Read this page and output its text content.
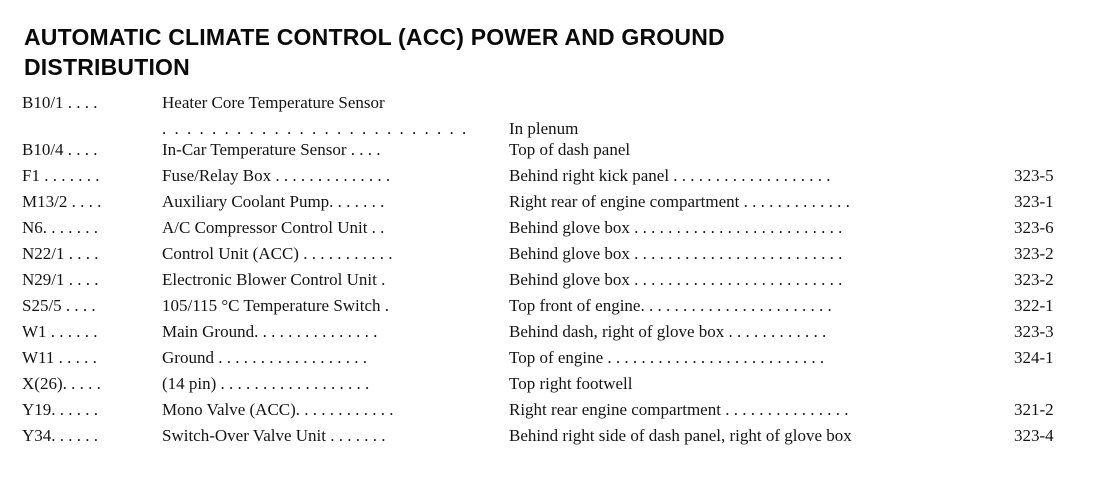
AUTOMATIC CLIMATE CONTROL (ACC) POWER AND GROUND
DISTRIBUTION
B10/1 . . . .	Heater Core Temperature Sensor
. . . . . . . . . . . . . . . . . . . . . . . . .	In plenum
B10/4 . . . .	In-Car Temperature Sensor . . . .	Top of dash panel
F1 . . . . . . .	Fuse/Relay Box . . . . . . . . . . . . . .	Behind right kick panel . . . . . . . . . . . . . . . . . . .	323-5
M13/2 . . . .	Auxiliary Coolant Pump. . . . . . .	Right rear of engine compartment . . . . . . . . . . . . .	323-1
N6. . . . . . .	A/C Compressor Control Unit . .	Behind glove box . . . . . . . . . . . . . . . . . . . . . . . . .	323-6
N22/1 . . . .	Control Unit (ACC) . . . . . . . . . . .	Behind glove box . . . . . . . . . . . . . . . . . . . . . . . . .	323-2
N29/1 . . . .	Electronic Blower Control Unit .	Behind glove box . . . . . . . . . . . . . . . . . . . . . . . . .	323-2
S25/5 . . . .	105/115 °C Temperature Switch .	Top front of engine. . . . . . . . . . . . . . . . . . . . . . .	322-1
W1 . . . . . .	Main Ground. . . . . . . . . . . . . . .	Behind dash, right of glove box . . . . . . . . . . . .	323-3
W11 . . . . .	Ground . . . . . . . . . . . . . . . . . .	Top of engine . . . . . . . . . . . . . . . . . . . . . . . . . .	324-1
X(26). . . . .	(14 pin) . . . . . . . . . . . . . . . . . .	Top right footwell
Y19. . . . . .	Mono Valve (ACC). . . . . . . . . . . .	Right rear engine compartment . . . . . . . . . . . . . . .	321-2
Y34. . . . . .	Switch-Over Valve Unit . . . . . . .	Behind right side of dash panel, right of glove box	323-4
